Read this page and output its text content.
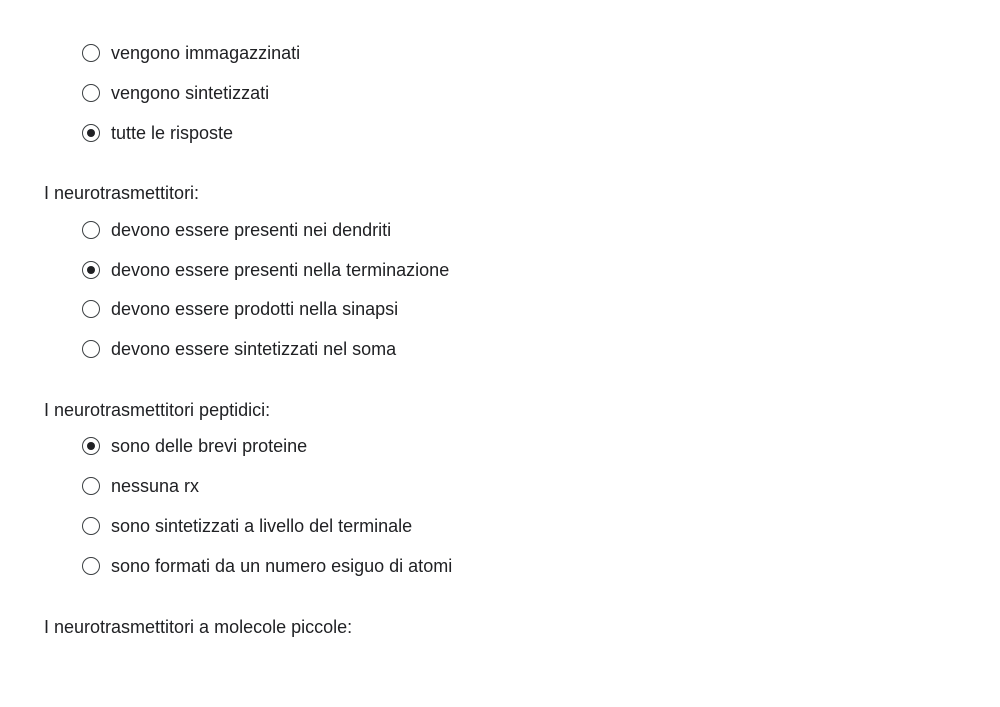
vengono immagazzinati
vengono sintetizzati
tutte le risposte
I neurotrasmettitori:
devono essere presenti nei dendriti
devono essere presenti nella terminazione
devono essere prodotti nella sinapsi
devono essere sintetizzati nel soma
I neurotrasmettitori peptidici:
sono delle brevi proteine
nessuna rx
sono sintetizzati a livello del terminale
sono formati da un numero esiguo di atomi
I neurotrasmettitori a molecole piccole:
